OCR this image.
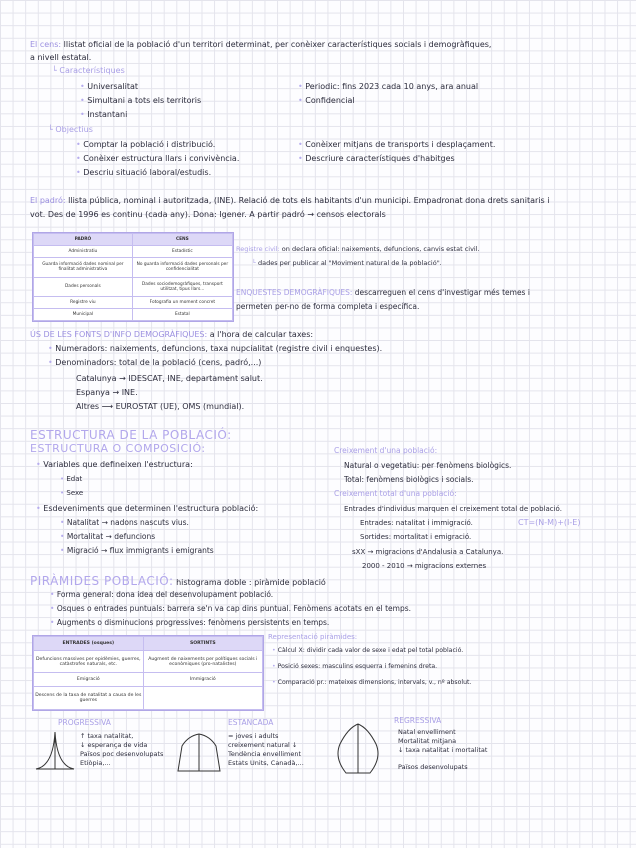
El cens: llistat oficial de la població d'un territori determinat, per conèixer característiques socials i demogràfiques,
a nivell estatal.
└ Característiques
• Universalitat
• Simultani a tots els territoris
• Instantani
• Periodic: fins 2023 cada 10 anys, ara anual
• Confidencial
└ Objectius
• Comptar la població i distribució.
• Conèixer estructura llars i convivència.
• Descriu situació laboral/estudis.
• Conèixer mitjans de transports i desplaçament.
• Descriure característiques d'habitges
El padró: llista pública, nominal i autoritzada, (INE). Relació de tots els habitants d'un municipi. Empadronat dona drets sanitaris i
vot. Des de 1996 es continu (cada any). Dona: Igener. A partir padró → censos electorals
PADRÓ	CENS
Administratiu	Estadístic
Guarda informació dades nominal per finalitat administrativa	No guarda informació dades personals per confidencialitat
Dades personals	Dades sociodemogràfiques, transport utilitzat, tipus llars...
Registre viu	Fotografia un moment concret
Municipal	Estatal
Registre civil: on declara oficial: naixements, defuncions, canvis estat civil.
└ dades per publicar al "Moviment natural de la població".
ENQUESTES DEMOGRÀFIQUES: descarreguen el cens d'investigar més temes i
permeten per-no de forma completa i específica.
ÚS DE LES FONTS D'INFO DEMOGRÀFIQUES: a l'hora de calcular taxes:
• Numeradors: naixements, defuncions, taxa nupcialitat (registre civil i enquestes).
• Denominadors: total de la població (cens, padró,...)
Catalunya → IDESCAT, INE, departament salut.
Espanya → INE.
Altres ⟶ EUROSTAT (UE), OMS (mundial).
ESTRUCTURA DE LA POBLACIÓ:
ESTRUCTURA O COMPOSICIÓ:
• Variables que defineixen l'estructura:
• Edat
• Sexe
• Esdeveniments que determinen l'estructura població:
• Natalitat → nadons nascuts vius.
• Mortalitat → defuncions
• Migració → flux immigrants i emigrants
Creixement d'una població:
Natural o vegetatiu: per fenòmens biològics.
Total: fenòmens biològics i socials.
Creixement total d'una població:
Entrades d'individus marquen el creixement total de població.
Entrades: natalitat i immigració.	CT=(N-M)+(I-E)
Sortides: mortalitat i emigració.
sXX → migracions d'Andalusia a Catalunya.
2000 - 2010 → migracions externes
PIRÀMIDES POBLACIÓ: histograma doble : piràmide població
• Forma general: dona idea del desenvolupament població.
• Osques o entrades puntuals: barrera se'n va cap dins puntual. Fenòmens acotats en el temps.
• Augments o disminucions progressives: fenòmens persistents en temps.
ENTRADES (osques)	SORTINTS
Defuncions massives per epidèmies, guerres, catàstrofes naturals, etc.	Augment de naixements per polítiques socials i econòmiques (pro-natalistes)
Emigració	Immigració
Descens de la taxa de natalitat a causa de les guerres	
Representació piràmides:
• Càlcul X: dividir cada valor de sexe i edat pel total població.
• Posició sexes: masculins esquerra i femenins dreta.
• Comparació pr.: mateixes dimensions, intervals, v., nº absolut.
PROGRESSIVA
↑ taxa natalitat,
↓ esperança de vida
Països poc desenvolupats
Etiòpia,...
ESTANCADA
= joves i adults
creixement natural ↓
Tendència envelliment
Estats Units, Canadà,...
REGRESSIVA
Natal envelliment
Mortalitat mitjana
↓ taxa natalitat i mortalitat
Països desenvolupats
